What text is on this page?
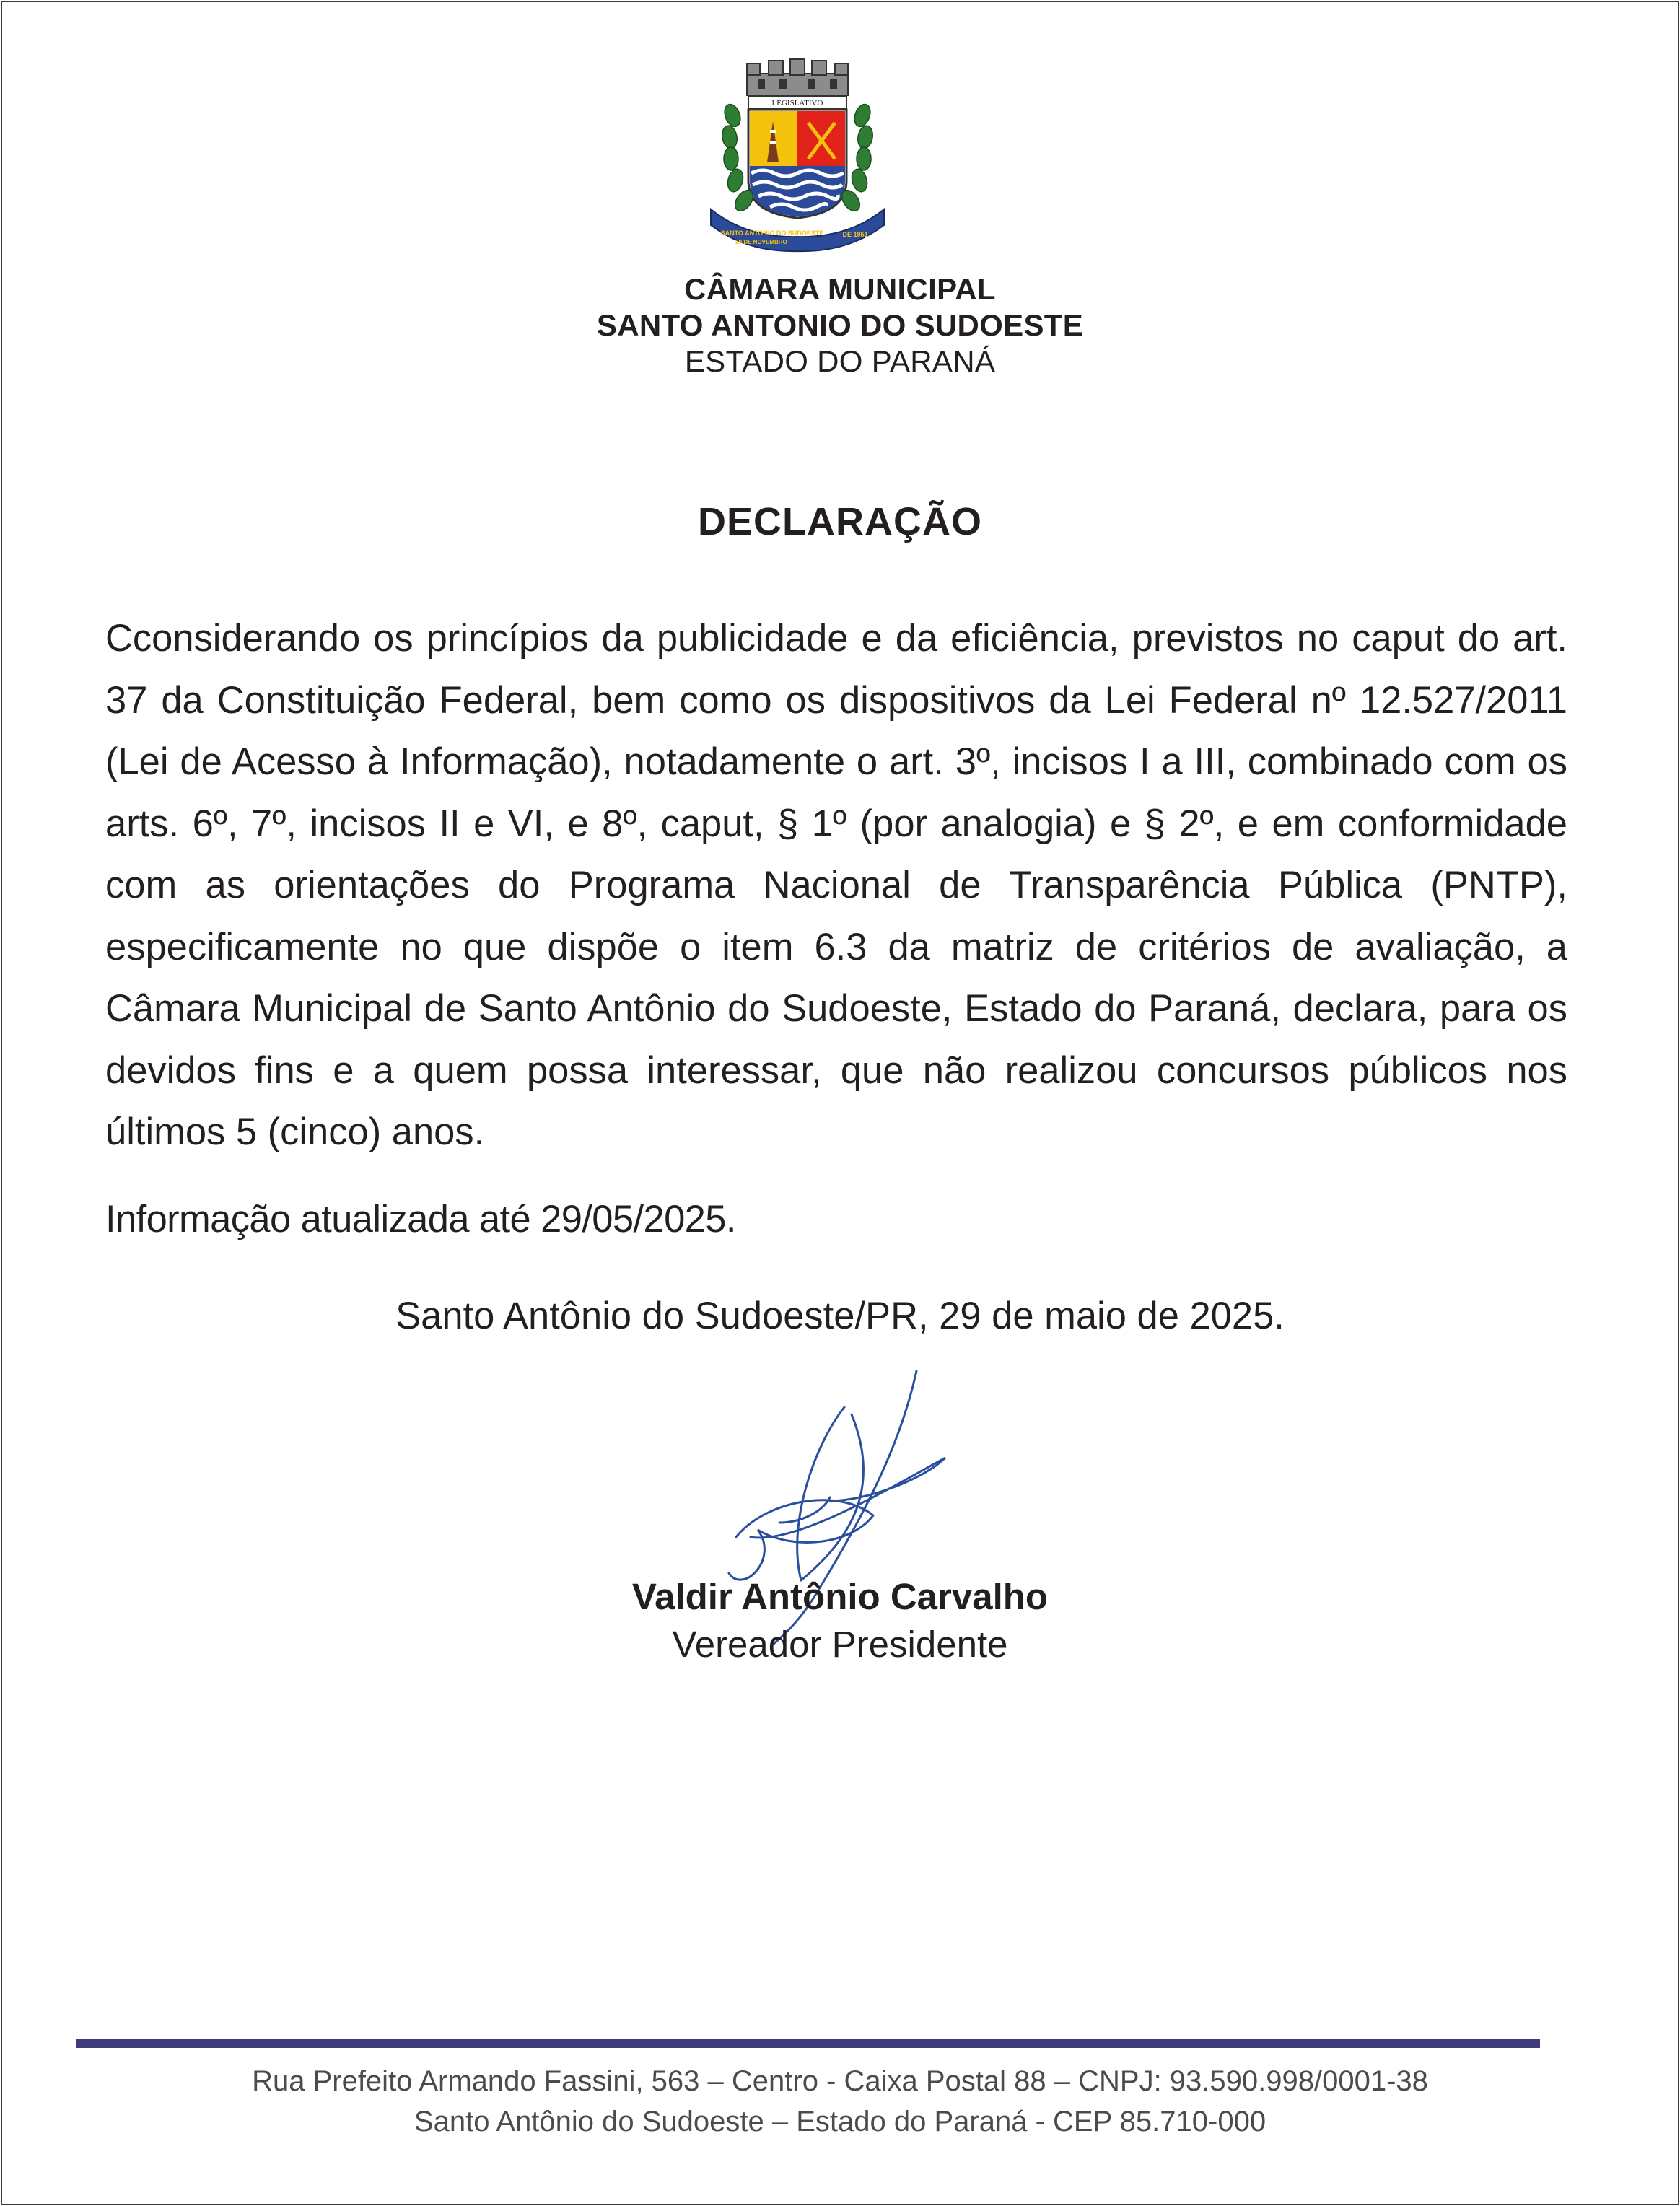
LEGISLATIVO
SANTO ANTONIO DO SUDOESTE
29 DE NOVEMBRO
DE 1951
CÂMARA MUNICIPAL
SANTO ANTONIO DO SUDOESTE
ESTADO DO PARANÁ
DECLARAÇÃO

Cconsiderando os princípios da publicidade e da eficiência, previstos no caput do art. 37 da Constituição Federal, bem como os dispositivos da Lei Federal nº 12.527/2011 (Lei de Acesso à Informação), notadamente o art. 3º, incisos I a III, combinado com os arts. 6º, 7º, incisos II e VI, e 8º, caput, § 1º (por analogia) e § 2º, e em conformidade com as orientações do Programa Nacional de Transparência Pública (PNTP), especificamente no que dispõe o item 6.3 da matriz de critérios de avaliação, a Câmara Municipal de Santo Antônio do Sudoeste, Estado do Paraná, declara, para os devidos fins e a quem possa interessar, que não realizou concursos públicos nos últimos 5 (cinco) anos.

Informação atualizada até 29/05/2025.

Santo Antônio do Sudoeste/PR, 29 de maio de 2025.

Valdir Antônio Carvalho
Vereador Presidente
Rua Prefeito Armando Fassini, 563 – Centro - Caixa Postal 88 – CNPJ: 93.590.998/0001-38
Santo Antônio do Sudoeste – Estado do Paraná - CEP 85.710-000
